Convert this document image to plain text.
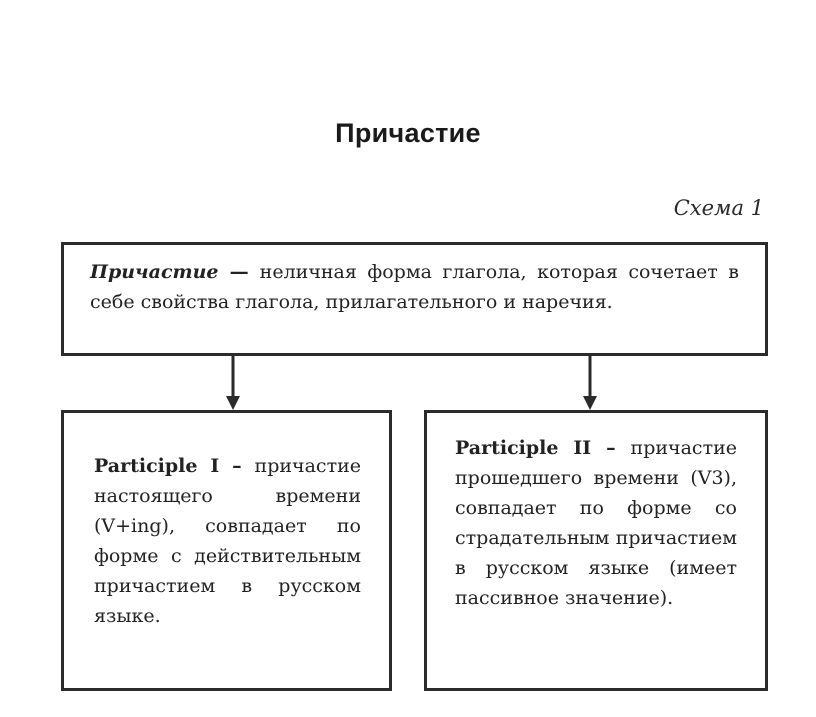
Причастие
Схема 1
Причастие — неличная форма глагола, которая сочетает в себе свойства глагола, прилагательного и наречия.
Participle I – причастие настоящего времени (V+ing), совпадает по форме с действительным причастием в русском языке.
Participle II – причастие прошедшего времени (V3), совпадает по форме со страдательным причастием в русском языке (имеет пассивное значение).
